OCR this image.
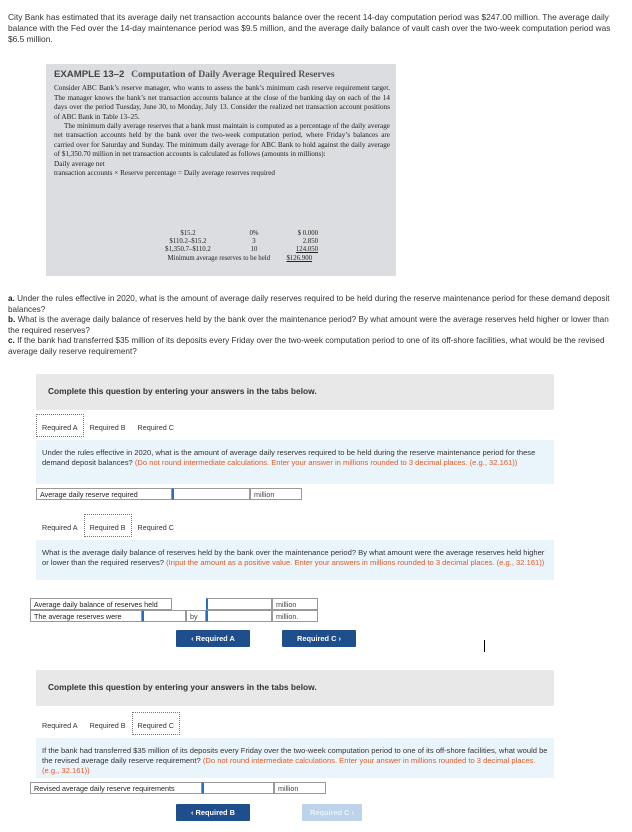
City Bank has estimated that its average daily net transaction accounts balance over the recent 14-day computation period was $247.00 million. The average daily balance with the Fed over the 14-day maintenance period was $9.5 million, and the average daily balance of vault cash over the two-week computation period was $6.5 million.
EXAMPLE 13–2 Computation of Daily Average Required Reserves

Consider ABC Bank’s reserve manager, who wants to assess the bank’s minimum cash reserve requirement target. The manager knows the bank’s net transaction accounts balance at the close of the banking day on each of the 14 days over the period Tuesday, June 30, to Monday, July 13. Consider the realized net transaction account positions of ABC Bank in Table 13–25.

The minimum daily average reserves that a bank must maintain is computed as a percentage of the daily average net transaction accounts held by the bank over the two-week computation period, where Friday’s balances are carried over for Saturday and Sunday. The minimum daily average for ABC Bank to hold against the daily average of $1,350.70 million in net transaction accounts is calculated as follows (amounts in millions):

Daily average net
transaction accounts × Reserve percentage = Daily average reserves required
$15.2	0%	$ 0.000
$110.2–$15.2	3	2.850
$1,350.7–$110.2	10	124.050
Minimum average reserves to be held	$126.900
a. Under the rules effective in 2020, what is the amount of average daily reserves required to be held during the reserve maintenance period for these demand deposit balances?
b. What is the average daily balance of reserves held by the bank over the maintenance period? By what amount were the average reserves held higher or lower than the required reserves?
c. If the bank had transferred $35 million of its deposits every Friday over the two-week computation period to one of its off-shore facilities, what would be the revised average daily reserve requirement?
Complete this question by entering your answers in the tabs below.
Required A	Required B	Required C
Under the rules effective in 2020, what is the amount of average daily reserves required to be held during the reserve maintenance period for these demand deposit balances? (Do not round intermediate calculations. Enter your answer in millions rounded to 3 decimal places. (e.g., 32.161))
Average daily reserve required	million
Required A	Required B	Required C
What is the average daily balance of reserves held by the bank over the maintenance period? By what amount were the average reserves held higher or lower than the required reserves? (Input the amount as a positive value. Enter your answers in millions rounded to 3 decimal places. (e.g., 32.161))
Average daily balance of reserves held	million
The average reserves were	by	million.
‹ Required A	Required C ›
Complete this question by entering your answers in the tabs below.
Required A	Required B	Required C
If the bank had transferred $35 million of its deposits every Friday over the two-week computation period to one of its off-shore facilities, what would be the revised average daily reserve requirement? (Do not round intermediate calculations. Enter your answer in millions rounded to 3 decimal places. (e.g., 32.161))
Revised average daily reserve requirements	million
‹ Required B	Required C ›
